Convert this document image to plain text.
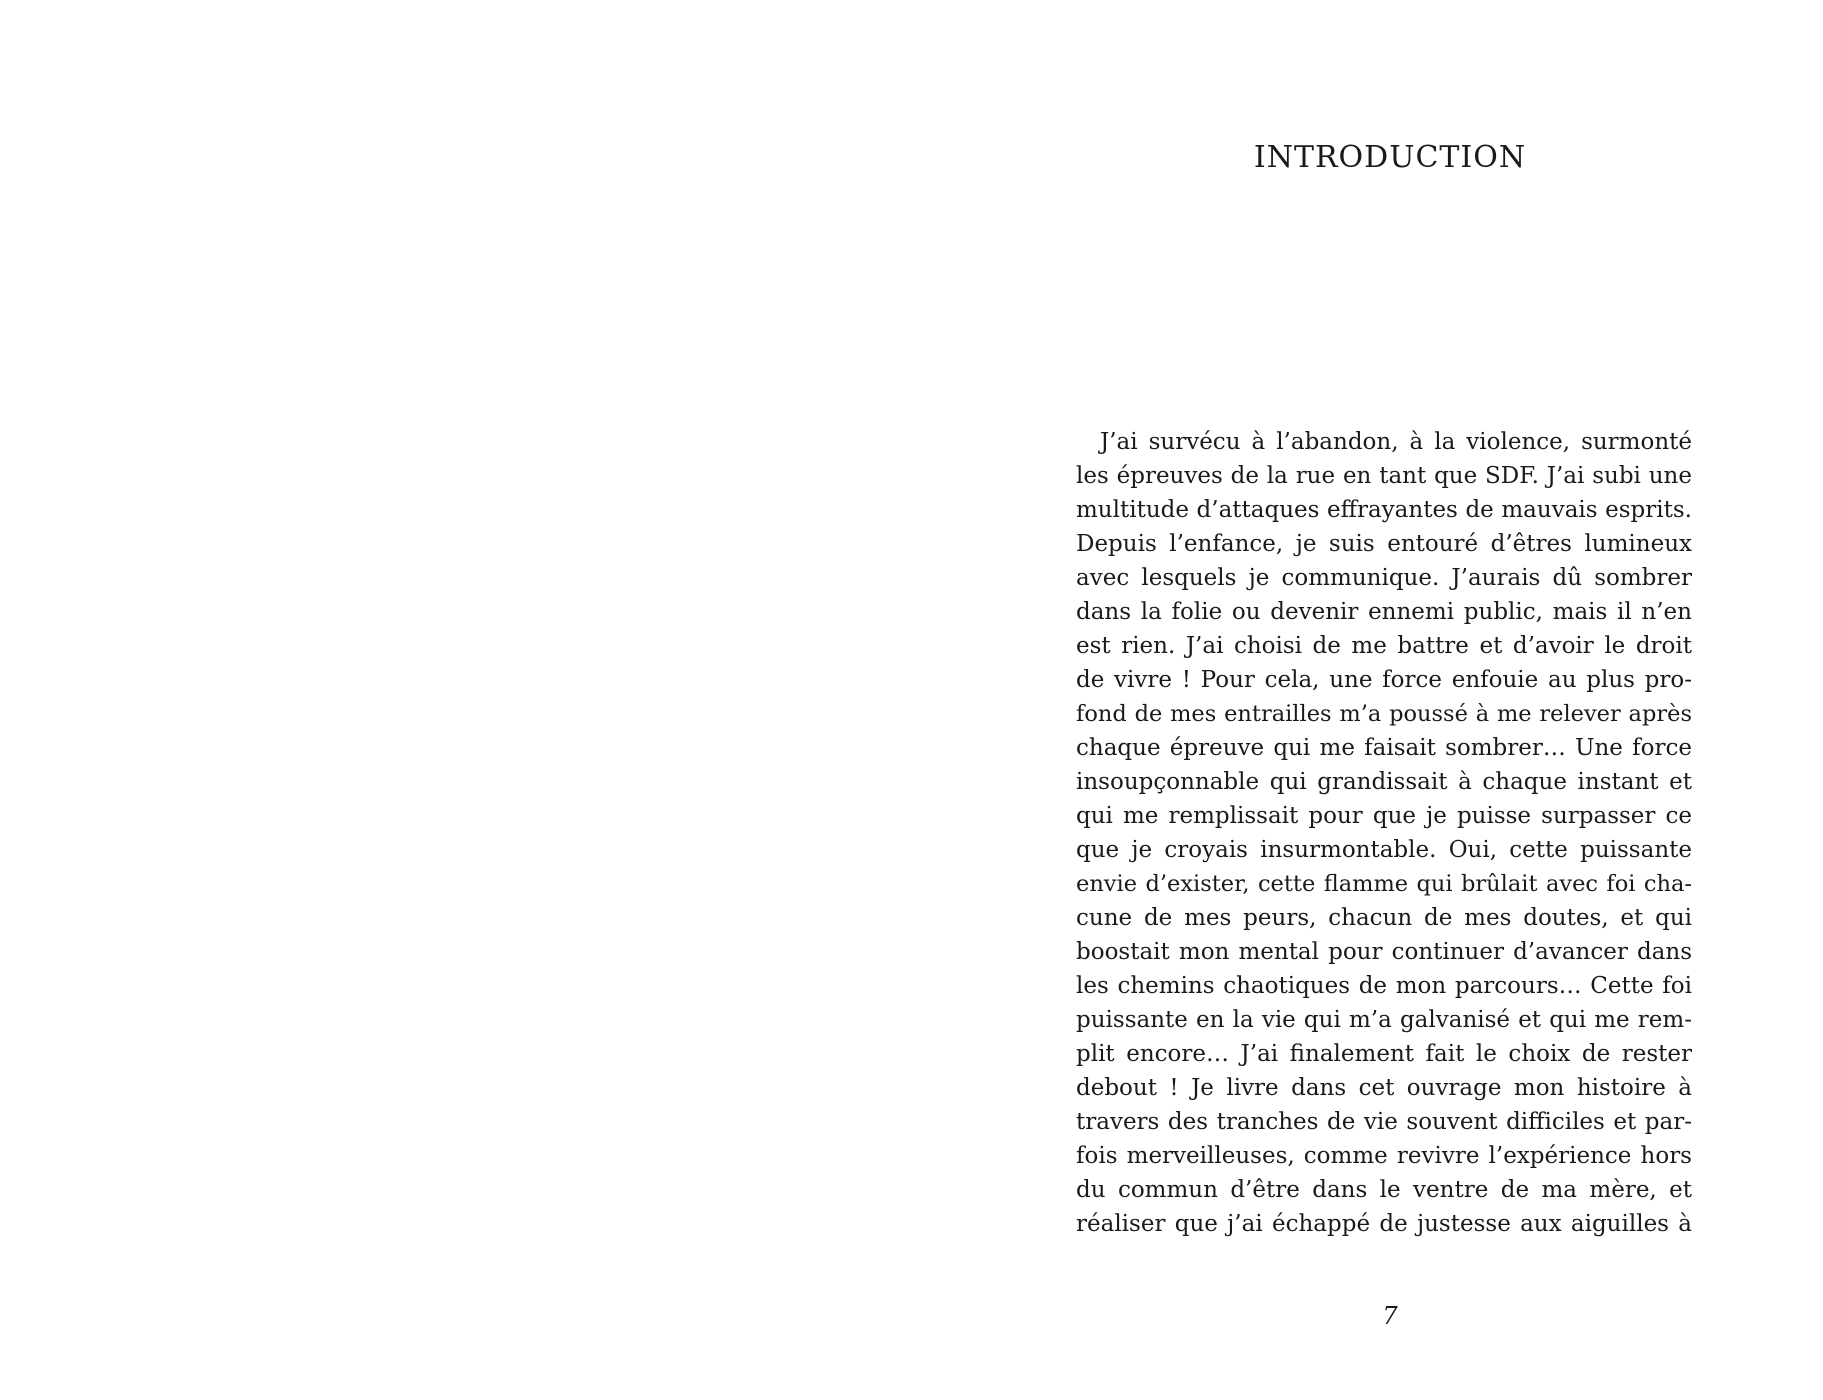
INTRODUCTION
J’ai survécu à l’abandon, à la violence, surmonté
les épreuves de la rue en tant que SDF. J’ai subi une
multitude d’attaques effrayantes de mauvais esprits.
Depuis l’enfance, je suis entouré d’êtres lumineux
avec lesquels je communique. J’aurais dû sombrer
dans la folie ou devenir ennemi public, mais il n’en
est rien. J’ai choisi de me battre et d’avoir le droit
de vivre ! Pour cela, une force enfouie au plus pro-
fond de mes entrailles m’a poussé à me relever après
chaque épreuve qui me faisait sombrer… Une force
insoupçonnable qui grandissait à chaque instant et
qui me remplissait pour que je puisse surpasser ce
que je croyais insurmontable. Oui, cette puissante
envie d’exister, cette flamme qui brûlait avec foi cha-
cune de mes peurs, chacun de mes doutes, et qui
boostait mon mental pour continuer d’avancer dans
les chemins chaotiques de mon parcours… Cette foi
puissante en la vie qui m’a galvanisé et qui me rem-
plit encore… J’ai finalement fait le choix de rester
debout ! Je livre dans cet ouvrage mon histoire à
travers des tranches de vie souvent difficiles et par-
fois merveilleuses, comme revivre l’expérience hors
du commun d’être dans le ventre de ma mère, et
réaliser que j’ai échappé de justesse aux aiguilles à

7
